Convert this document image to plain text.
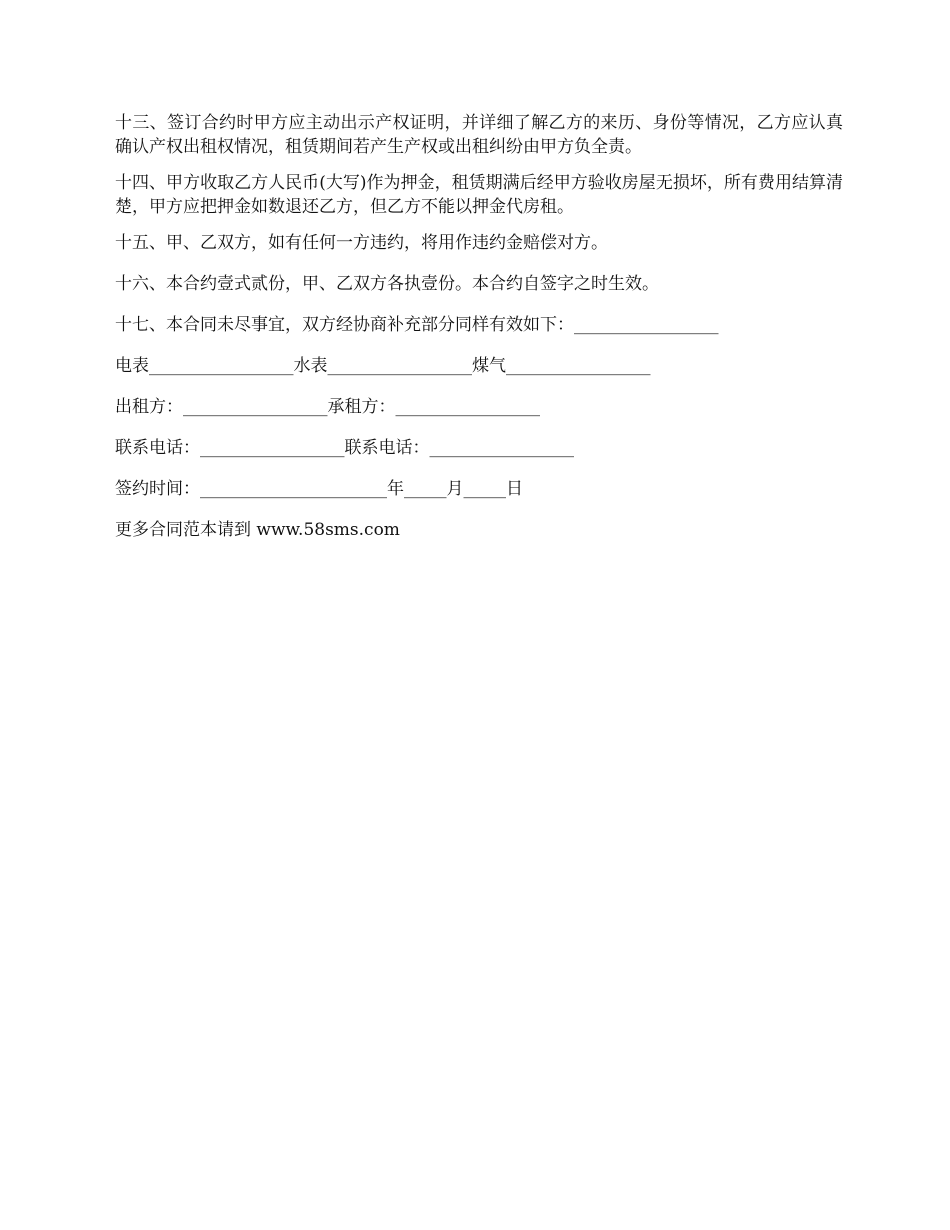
十三、签订合约时甲方应主动出示产权证明，并详细了解乙方的来历、身份等情况，乙方应认真确认产权出租权情况，租赁期间若产生产权或出租纠纷由甲方负全责。

十四、甲方收取乙方人民币(大写)作为押金，租赁期满后经甲方验收房屋无损坏，所有费用结算清楚，甲方应把押金如数退还乙方，但乙方不能以押金代房租。

十五、甲、乙双方，如有任何一方违约，将用作违约金赔偿对方。

十六、本合约壹式贰份，甲、乙双方各执壹份。本合约自签字之时生效。

十七、本合同未尽事宜，双方经协商补充部分同样有效如下：_________________

电表_________________水表_________________煤气_________________

出租方：_________________承租方：_________________

联系电话：_________________联系电话：_________________

签约时间：______________________年_____月_____日

更多合同范本请到 www.58sms.com
